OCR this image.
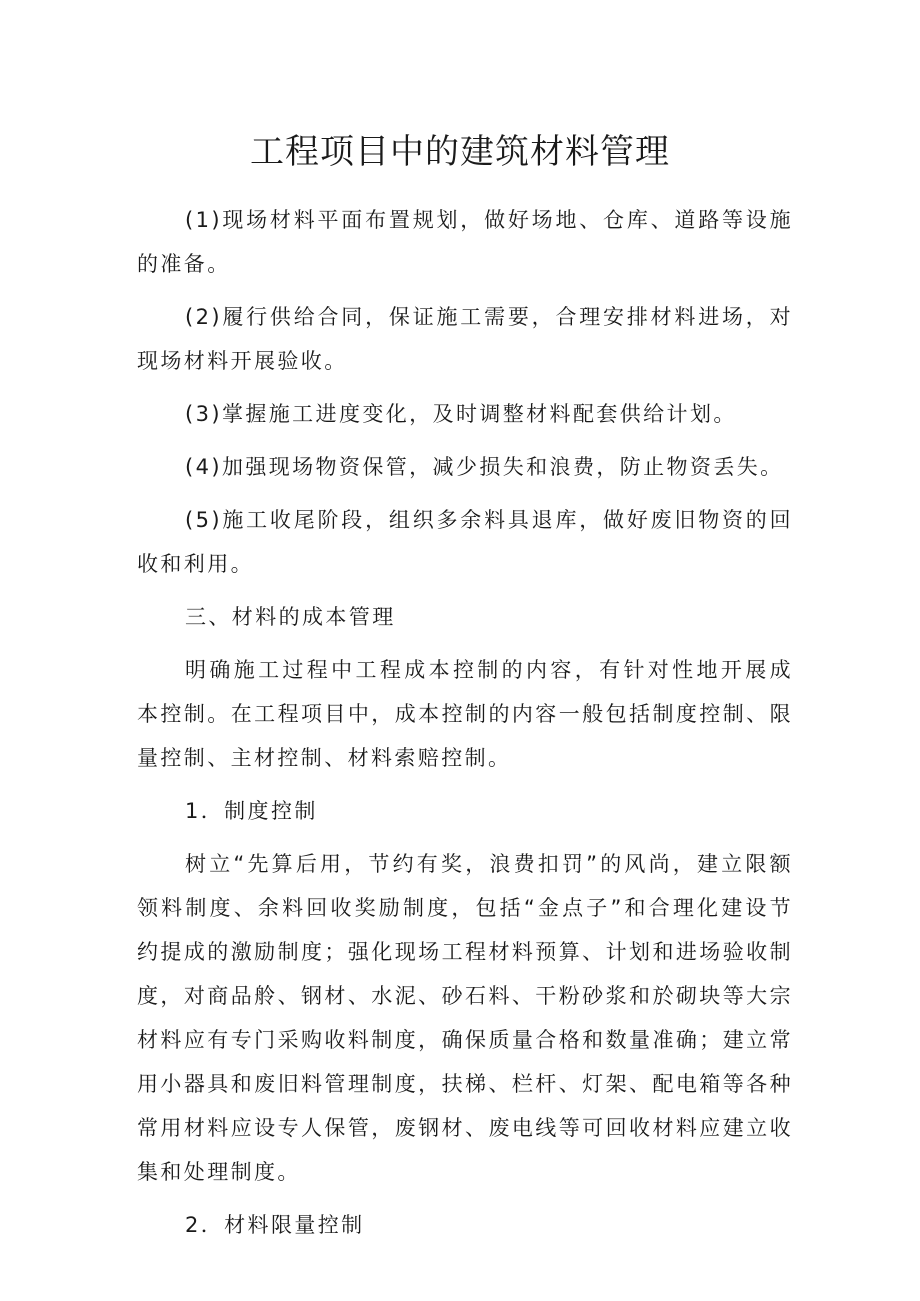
工程项目中的建筑材料管理

(1)现场材料平面布置规划，做好场地、仓库、道路等设施的准备。

(2)履行供给合同，保证施工需要，合理安排材料进场，对现场材料开展验收。

(3)掌握施工进度变化，及时调整材料配套供给计划。

(4)加强现场物资保管，减少损失和浪费，防止物资丢失。

(5)施工收尾阶段，组织多余料具退库，做好废旧物资的回收和利用。

三、材料的成本管理

明确施工过程中工程成本控制的内容，有针对性地开展成本控制。在工程项目中，成本控制的内容一般包括制度控制、限量控制、主材控制、材料索赔控制。

1．制度控制

树立“先算后用，节约有奖，浪费扣罚”的风尚，建立限额领料制度、余料回收奖励制度，包括“金点子”和合理化建设节约提成的激励制度；强化现场工程材料预算、计划和进场验收制度，对商品舲、钢材、水泥、砂石料、干粉砂浆和於砌块等大宗材料应有专门采购收料制度，确保质量合格和数量准确；建立常用小器具和废旧料管理制度，扶梯、栏杆、灯架、配电箱等各种常用材料应设专人保管，废钢材、废电线等可回收材料应建立收集和处理制度。

2．材料限量控制
